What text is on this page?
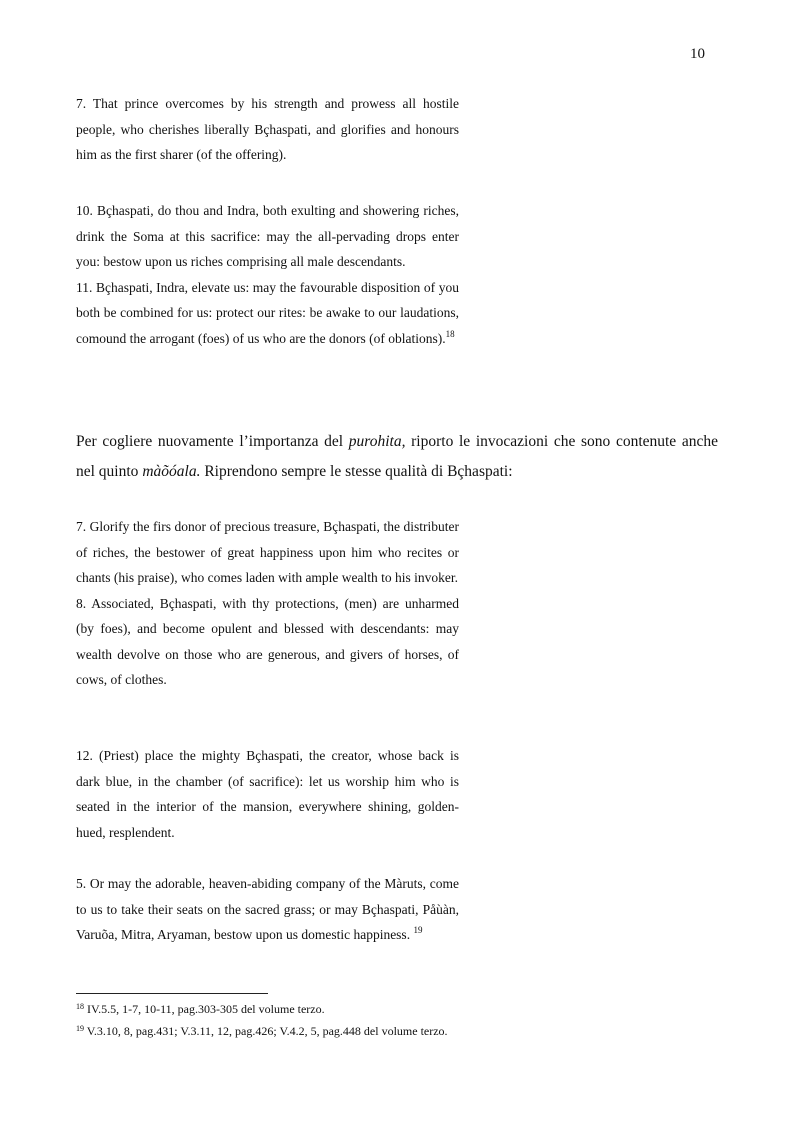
10

7. That prince overcomes by his strength and prowess all hostile people, who cherishes liberally Bçhaspati, and glorifies and honours him as the first sharer (of the offering).

10. Bçhaspati, do thou and Indra, both exulting and showering riches, drink the Soma at this sacrifice: may the all-pervading drops enter you: bestow upon us riches comprising all male descendants.

11. Bçhaspati, Indra, elevate us: may the favourable disposition of you both be combined for us: protect our rites: be awake to our laudations, comound the arrogant (foes) of us who are the donors (of oblations).$^{18}$

Per cogliere nuovamente l’importanza del purohita, riporto le invocazioni che sono contenute anche nel quinto màõóala. Riprendono sempre le stesse qualità di Bçhaspati:

7. Glorify the firs donor of precious treasure, Bçhaspati, the distributer of riches, the bestower of great happiness upon him who recites or chants (his praise), who comes laden with ample wealth to his invoker.

8. Associated, Bçhaspati, with thy protections, (men) are unharmed (by foes), and become opulent and blessed with descendants: may wealth devolve on those who are generous, and givers of horses, of cows, of clothes.

12. (Priest) place the mighty Bçhaspati, the creator, whose back is dark blue, in the chamber (of sacrifice): let us worship him who is seated in the interior of the mansion, everywhere shining, golden-hued, resplendent.

5. Or may the adorable, heaven-abiding company of the Màruts, come to us to take their seats on the sacred grass; or may Bçhaspati, Påùàn, Varuõa, Mitra, Aryaman, bestow upon us domestic happiness. $^{19}$

$^{18}$ IV.5.5, 1-7, 10-11, pag.303-305 del volume terzo.
$^{19}$ V.3.10, 8, pag.431; V.3.11, 12, pag.426; V.4.2, 5, pag.448 del volume terzo.
